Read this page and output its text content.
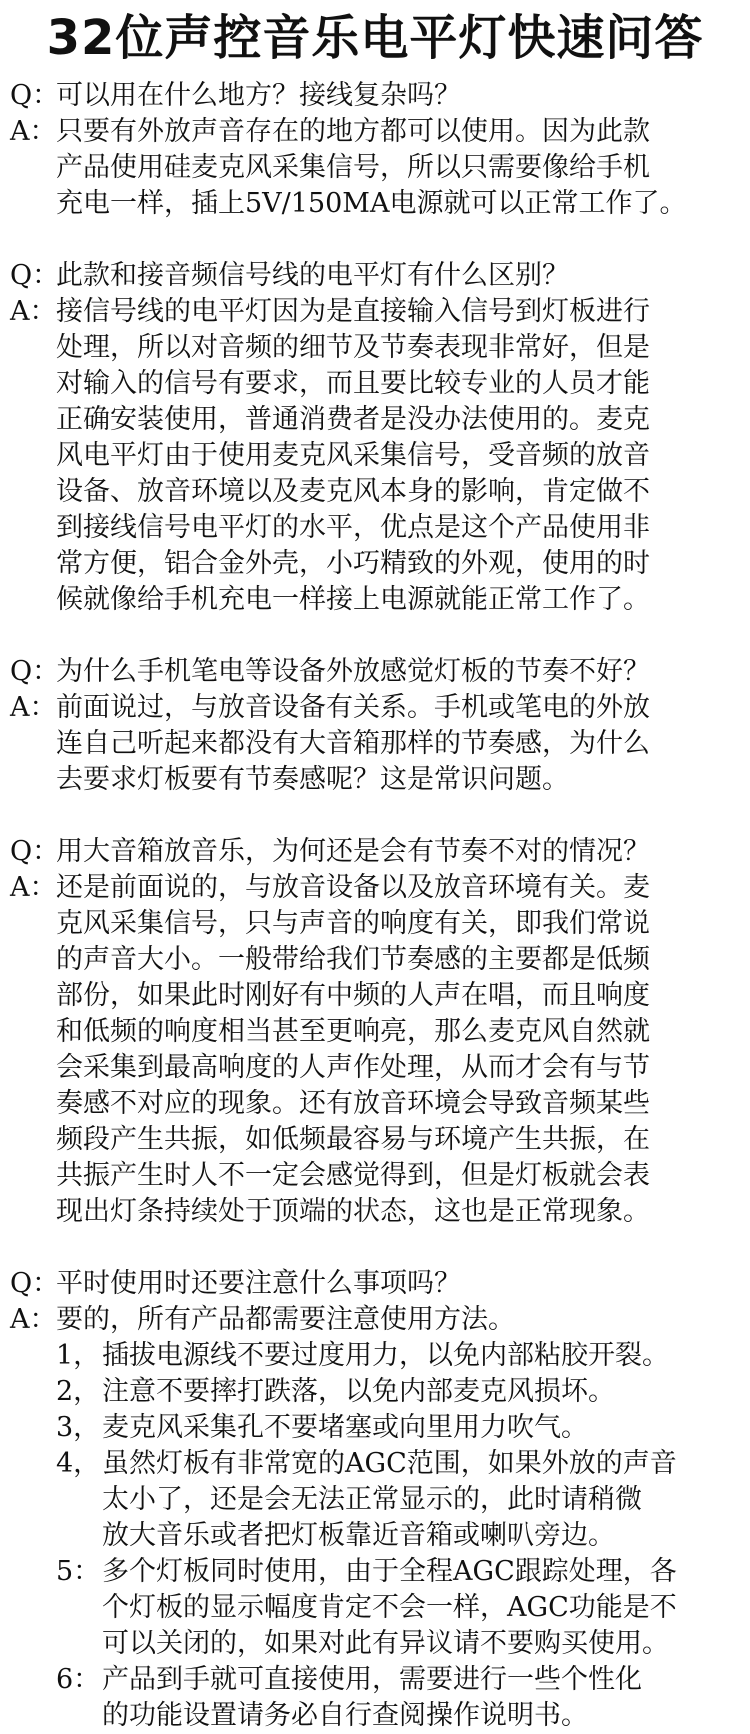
32位声控音乐电平灯快速问答
Q：
可以用在什么地方？接线复杂吗？
A： 只要有外放声音存在的地方都可以使用。因为此款
产品使用硅麦克风采集信号，所以只需要像给手机
充电一样，插上5V/150MA电源就可以正常工作了。
Q：
此款和接音频信号线的电平灯有什么区别？
A： 接信号线的电平灯因为是直接输入信号到灯板进行
处理，所以对音频的细节及节奏表现非常好，但是
对输入的信号有要求，而且要比较专业的人员才能
正确安装使用，普通消费者是没办法使用的。麦克
风电平灯由于使用麦克风采集信号，受音频的放音
设备、放音环境以及麦克风本身的影响，肯定做不
到接线信号电平灯的水平，优点是这个产品使用非
常方便，铝合金外壳，小巧精致的外观，使用的时
候就像给手机充电一样接上电源就能正常工作了。
Q：
为什么手机笔电等设备外放感觉灯板的节奏不好？
A： 前面说过，与放音设备有关系。手机或笔电的外放
连自己听起来都没有大音箱那样的节奏感，为什么
去要求灯板要有节奏感呢？这是常识问题。
Q：
用大音箱放音乐，为何还是会有节奏不对的情况？
A： 还是前面说的，与放音设备以及放音环境有关。麦
克风采集信号，只与声音的响度有关，即我们常说
的声音大小。一般带给我们节奏感的主要都是低频
部份，如果此时刚好有中频的人声在唱，而且响度
和低频的响度相当甚至更响亮，那么麦克风自然就
会采集到最高响度的人声作处理，从而才会有与节
奏感不对应的现象。还有放音环境会导致音频某些
频段产生共振，如低频最容易与环境产生共振，在
共振产生时人不一定会感觉得到，但是灯板就会表
现出灯条持续处于顶端的状态，这也是正常现象。
Q：
平时使用时还要注意什么事项吗？
A： 要的，所有产品都需要注意使用方法。
1， 插拔电源线不要过度用力，以免内部粘胶开裂。
2， 注意不要摔打跌落，以免内部麦克风损坏。
3， 麦克风采集孔不要堵塞或向里用力吹气。
4， 虽然灯板有非常宽的AGC范围，如果外放的声音
太小了，还是会无法正常显示的，此时请稍微
放大音乐或者把灯板靠近音箱或喇叭旁边。
5： 多个灯板同时使用，由于全程AGC跟踪处理，各
个灯板的显示幅度肯定不会一样，AGC功能是不
可以关闭的，如果对此有异议请不要购买使用。
6： 产品到手就可直接使用，需要进行一些个性化
的功能设置请务必自行查阅操作说明书。
